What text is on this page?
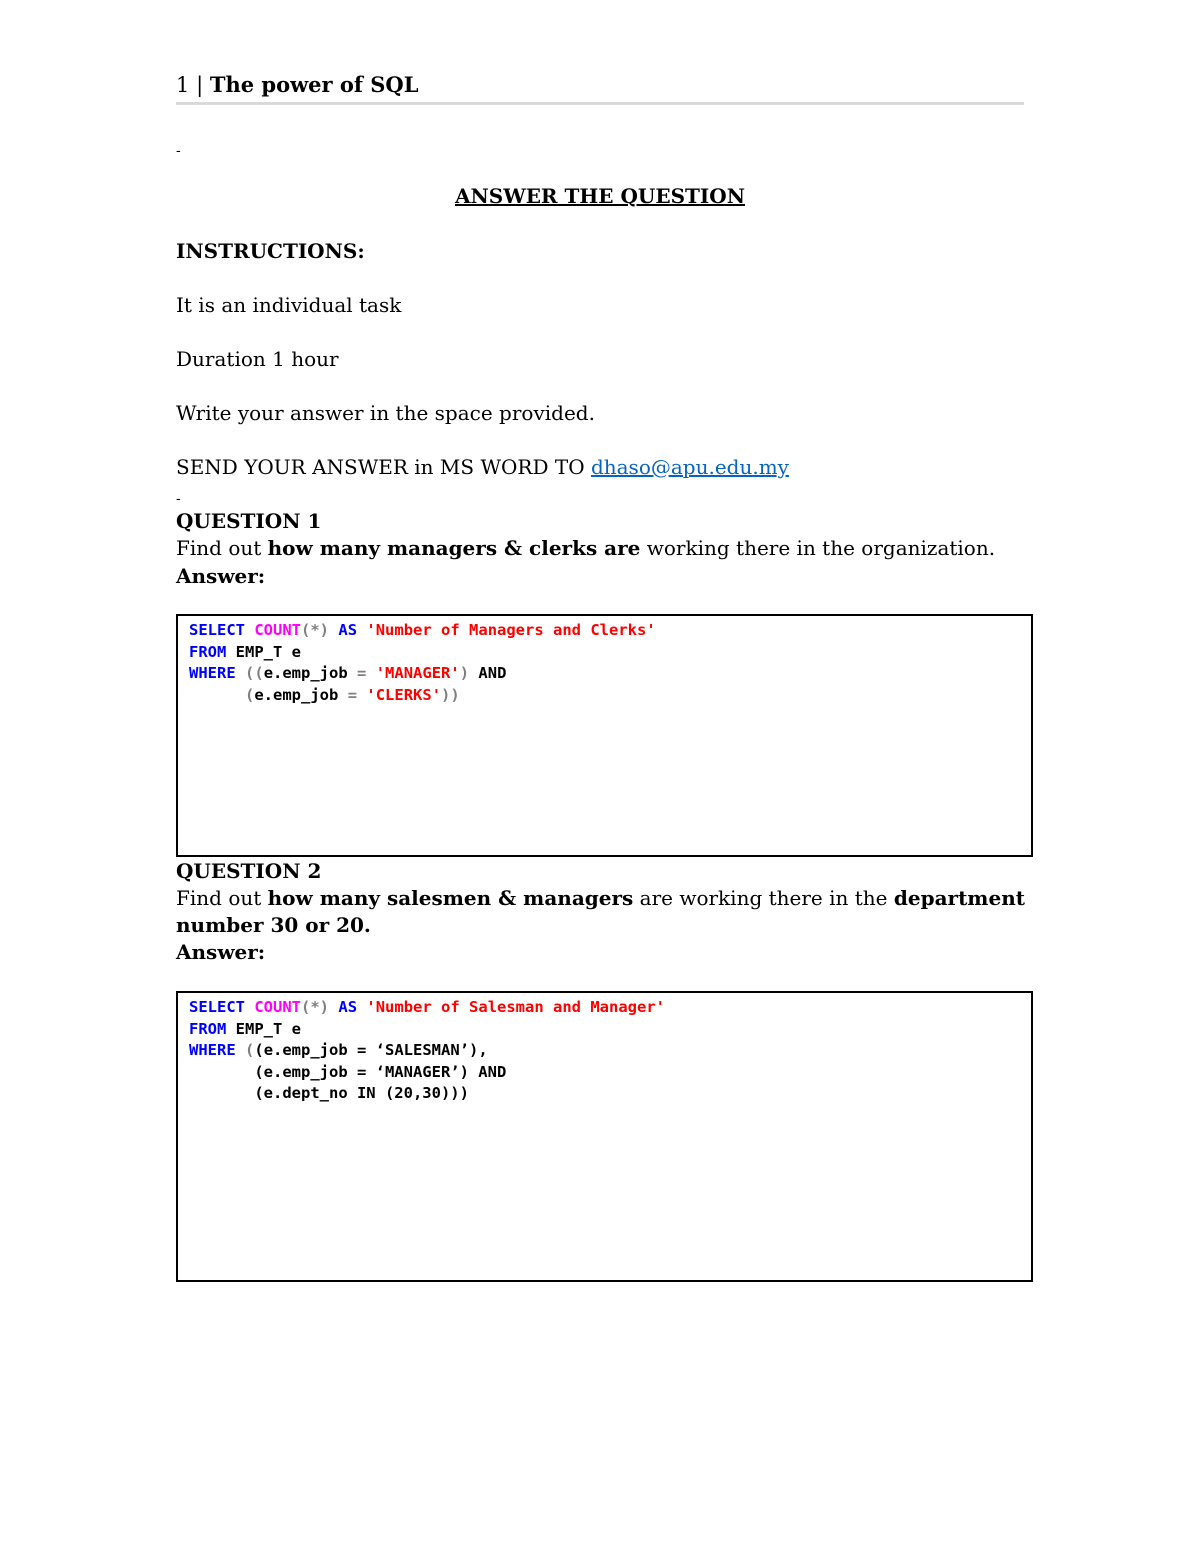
1 | The power of SQL
-
ANSWER THE QUESTION
INSTRUCTIONS:
It is an individual task
Duration 1 hour
Write your answer in the space provided.
SEND YOUR ANSWER in MS WORD TO dhaso@apu.edu.my
-
QUESTION 1
Find out how many managers & clerks are working there in the organization.
Answer:
SELECT COUNT(*) AS 'Number of Managers and Clerks'
FROM EMP_T e
WHERE ((e.emp_job = 'MANAGER') AND
(e.emp_job = 'CLERKS'))
QUESTION 2
Find out how many salesmen & managers are working there in the department
number 30 or 20.
Answer:
SELECT COUNT(*) AS 'Number of Salesman and Manager'
FROM EMP_T e
WHERE ((e.emp_job = ‘SALESMAN’),
(e.emp_job = ‘MANAGER’) AND
(e.dept_no IN (20,30)))
